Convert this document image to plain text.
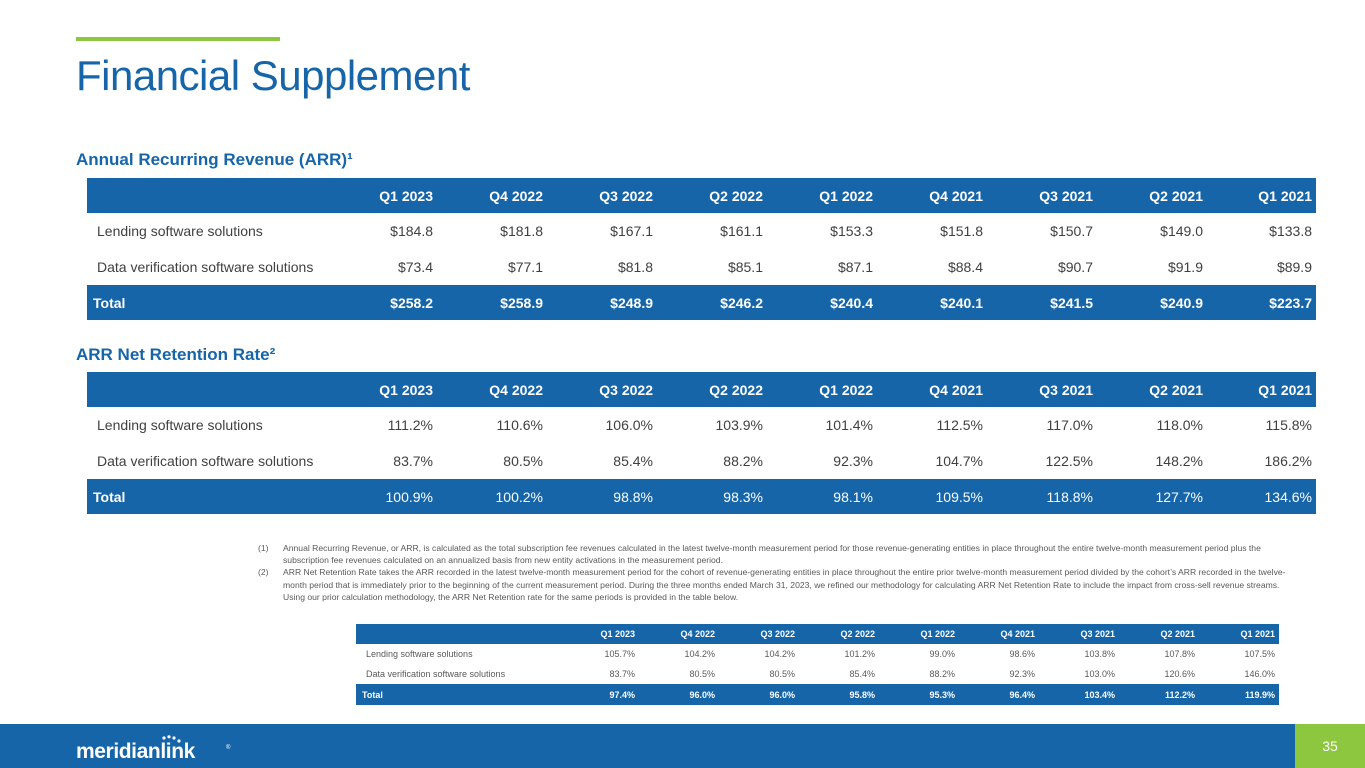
Financial Supplement
Annual Recurring Revenue (ARR)¹
	Q1 2023	Q4 2022	Q3 2022	Q2 2022	Q1 2022	Q4 2021	Q3 2021	Q2 2021	Q1 2021
Lending software solutions	$184.8	$181.8	$167.1	$161.1	$153.3	$151.8	$150.7	$149.0	$133.8
Data verification software solutions	$73.4	$77.1	$81.8	$85.1	$87.1	$88.4	$90.7	$91.9	$89.9
Total	$258.2	$258.9	$248.9	$246.2	$240.4	$240.1	$241.5	$240.9	$223.7
ARR Net Retention Rate²
	Q1 2023	Q4 2022	Q3 2022	Q2 2022	Q1 2022	Q4 2021	Q3 2021	Q2 2021	Q1 2021
Lending software solutions	111.2%	110.6%	106.0%	103.9%	101.4%	112.5%	117.0%	118.0%	115.8%
Data verification software solutions	83.7%	80.5%	85.4%	88.2%	92.3%	104.7%	122.5%	148.2%	186.2%
Total	100.9%	100.2%	98.8%	98.3%	98.1%	109.5%	118.8%	127.7%	134.6%
(1)	Annual Recurring Revenue, or ARR, is calculated as the total subscription fee revenues calculated in the latest twelve-month measurement period for those revenue-generating entities in place throughout the entire twelve-month measurement period plus the subscription fee revenues calculated on an annualized basis from new entity activations in the measurement period.
(2)	ARR Net Retention Rate takes the ARR recorded in the latest twelve-month measurement period for the cohort of revenue-generating entities in place throughout the entire prior twelve-month measurement period divided by the cohort’s ARR recorded in the twelve-month period that is immediately prior to the beginning of the current measurement period. During the three months ended March 31, 2023, we refined our methodology for calculating ARR Net Retention Rate to include the impact from cross-sell revenue streams. Using our prior calculation methodology, the ARR Net Retention rate for the same periods is provided in the table below.
	Q1 2023	Q4 2022	Q3 2022	Q2 2022	Q1 2022	Q4 2021	Q3 2021	Q2 2021	Q1 2021
Lending software solutions	105.7%	104.2%	104.2%	101.2%	99.0%	98.6%	103.8%	107.8%	107.5%
Data verification software solutions	83.7%	80.5%	80.5%	85.4%	88.2%	92.3%	103.0%	120.6%	146.0%
Total	97.4%	96.0%	96.0%	95.8%	95.3%	96.4%	103.4%	112.2%	119.9%
meridianlink	®	35
